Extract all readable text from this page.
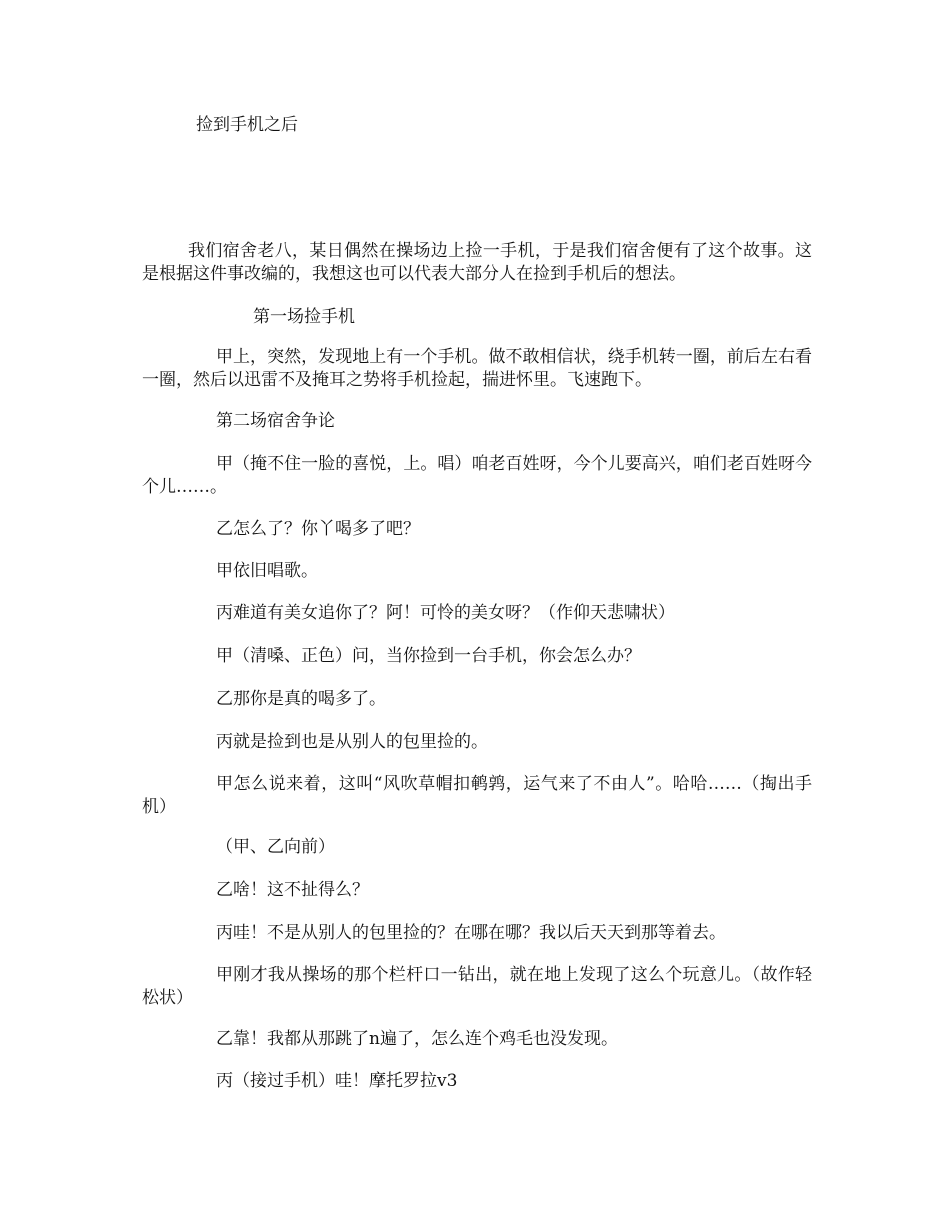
捡到手机之后

我们宿舍老八，某日偶然在操场边上捡一手机，于是我们宿舍便有了这个故事。这是根据这件事改编的，我想这也可以代表大部分人在捡到手机后的想法。

第一场捡手机

甲上，突然，发现地上有一个手机。做不敢相信状，绕手机转一圈，前后左右看一圈，然后以迅雷不及掩耳之势将手机捡起，揣进怀里。飞速跑下。

第二场宿舍争论

甲（掩不住一脸的喜悦，上。唱）咱老百姓呀，今个儿要高兴，咱们老百姓呀今个儿……。

乙怎么了？你丫喝多了吧？

甲依旧唱歌。

丙难道有美女追你了？阿！可怜的美女呀？（作仰天悲啸状）

甲（清嗓、正色）问，当你捡到一台手机，你会怎么办？

乙那你是真的喝多了。

丙就是捡到也是从别人的包里捡的。

甲怎么说来着，这叫“风吹草帽扣鹌鹑，运气来了不由人”。哈哈……（掏出手机）

（甲、乙向前）

乙啥！这不扯得么？

丙哇！不是从别人的包里捡的？在哪在哪？我以后天天到那等着去。

甲刚才我从操场的那个栏杆口一钻出，就在地上发现了这么个玩意儿。（故作轻松状）

乙靠！我都从那跳了n遍了，怎么连个鸡毛也没发现。

丙（接过手机）哇！摩托罗拉v3
